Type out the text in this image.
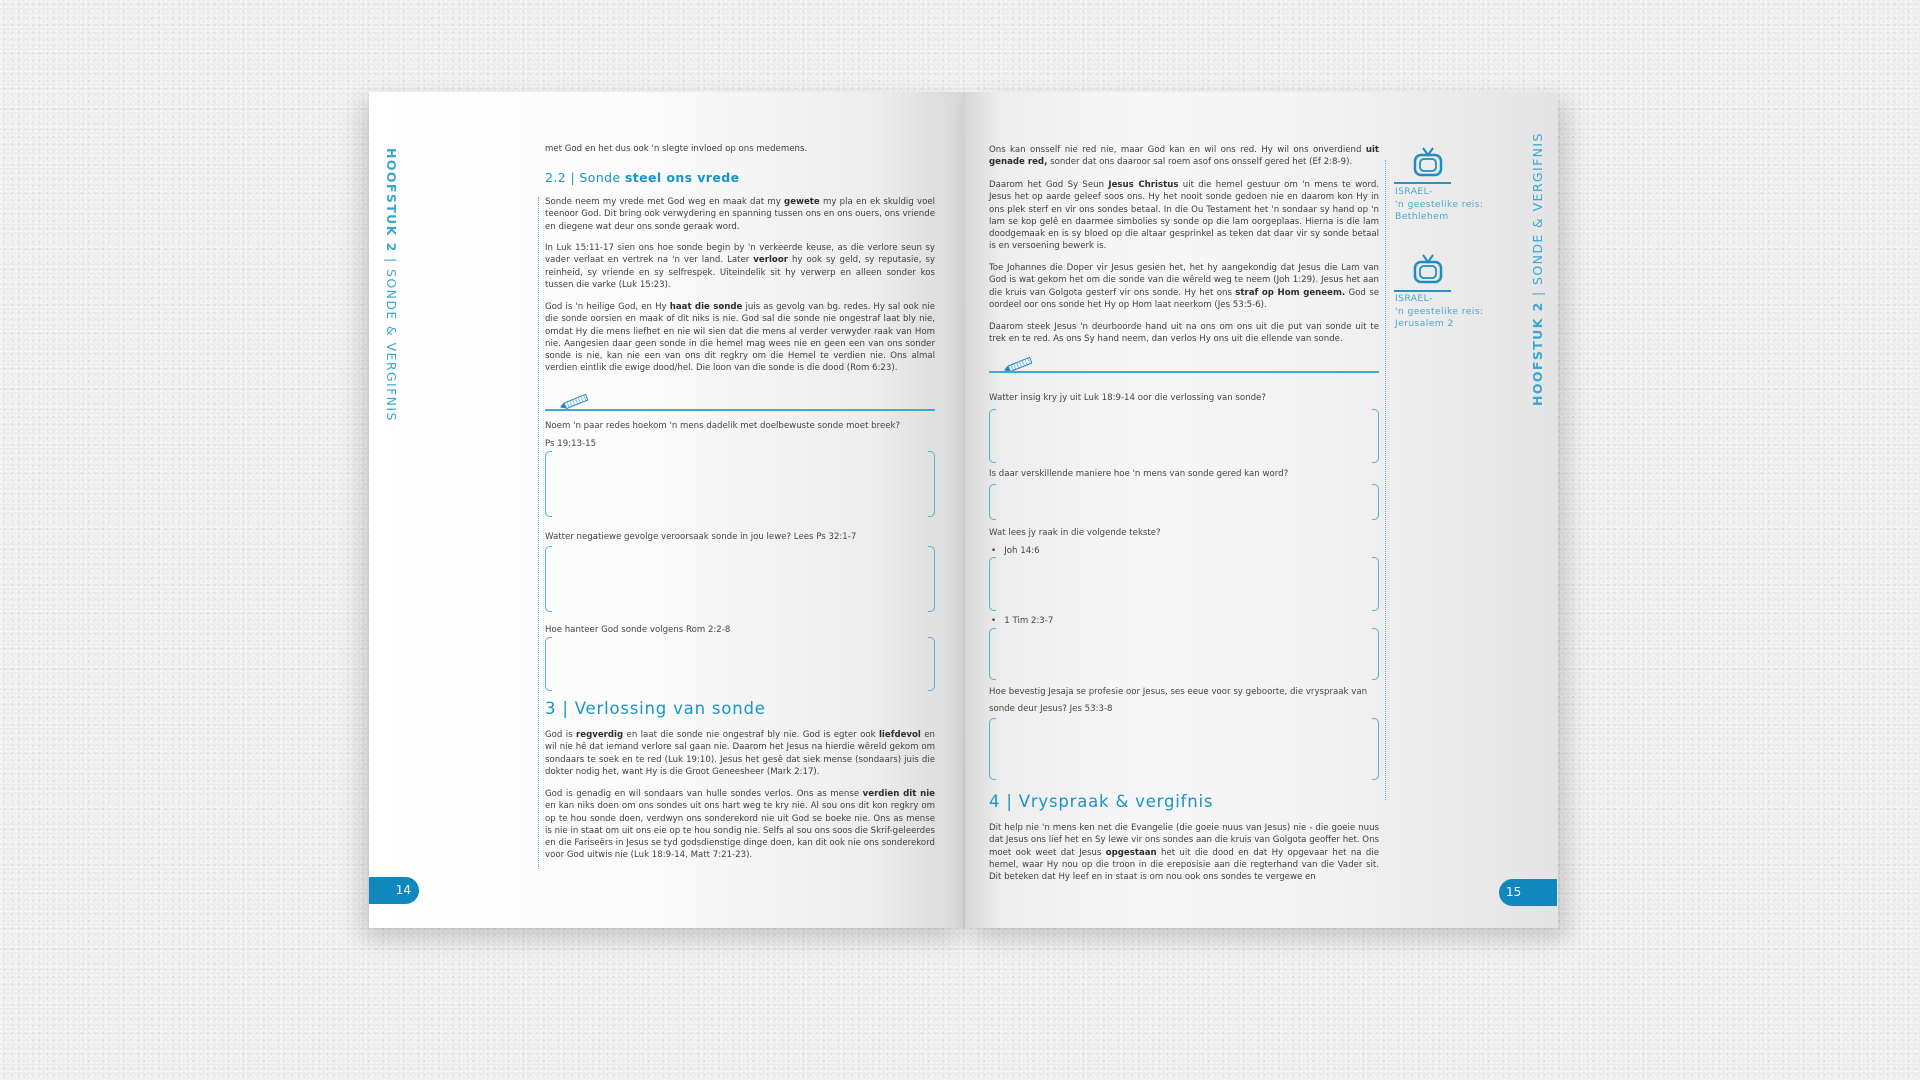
HOOFSTUK 2 | SONDE & VERGIFNIS
met God en het dus ook 'n slegte invloed op ons medemens.
2.2 | Sonde steel ons vrede
Sonde neem my vrede met God weg en maak dat my gewete my pla en ek skuldig voel teenoor God. Dit bring ook verwydering en spanning tussen ons en ons ouers, ons vriende en diegene wat deur ons sonde geraak word.
In Luk 15:11-17 sien ons hoe sonde begin by 'n verkeerde keuse, as die verlore seun sy vader verlaat en vertrek na 'n ver land. Later verloor hy ook sy geld, sy reputasie, sy reinheid, sy vriende en sy selfrespek. Uiteindelik sit hy verwerp en alleen sonder kos tussen die varke (Luk 15:23).
God is 'n heilige God, en Hy haat die sonde juis as gevolg van bg. redes. Hy sal ook nie die sonde oorsien en maak of dit niks is nie. God sal die sonde nie ongestraf laat bly nie, omdat Hy die mens liefhet en nie wil sien dat die mens al verder verwyder raak van Hom nie. Aangesien daar geen sonde in die hemel mag wees nie en geen een van ons sonder sonde is nie, kan nie een van ons dit regkry om die Hemel te verdien nie. Ons almal verdien eintlik die ewige dood/hel. Die loon van die sonde is die dood (Rom 6:23).
Noem 'n paar redes hoekom 'n mens dadelik met doelbewuste sonde moet breek?
Ps 19:13-15
Watter negatiewe gevolge veroorsaak sonde in jou lewe? Lees Ps 32:1-7
Hoe hanteer God sonde volgens Rom 2:2-8
3 | Verlossing van sonde
God is regverdig en laat die sonde nie ongestraf bly nie. God is egter ook liefdevol en wil nie hê dat iemand verlore sal gaan nie. Daarom het Jesus na hierdie wêreld gekom om sondaars te soek en te red (Luk 19:10). Jesus het gesê dat siek mense (sondaars) juis die dokter nodig het, want Hy is die Groot Geneesheer (Mark 2:17).
God is genadig en wil sondaars van hulle sondes verlos. Ons as mense verdien dit nie en kan niks doen om ons sondes uit ons hart weg te kry nie. Al sou ons dit kon regkry om op te hou sonde doen, verdwyn ons sonderekord nie uit God se boeke nie. Ons as mense is nie in staat om uit ons eie op te hou sondig nie. Selfs al sou ons soos die Skrif-geleerdes en die Fariseërs in Jesus se tyd godsdienstige dinge doen, kan dit ook nie ons sonderekord voor God uitwis nie (Luk 18:9-14, Matt 7:21-23).
14
HOOFSTUK 2 | SONDE & VERGIFNIS
Ons kan onsself nie red nie, maar God kan en wil ons red. Hy wil ons onverdiend uit genade red, sonder dat ons daaroor sal roem asof ons onsself gered het (Ef 2:8-9).
Daarom het God Sy Seun Jesus Christus uit die hemel gestuur om 'n mens te word. Jesus het op aarde geleef soos ons. Hy het nooit sonde gedoen nie en daarom kon Hy in ons plek sterf en vir ons sondes betaal. In die Ou Testament het 'n sondaar sy hand op 'n lam se kop gelê en daarmee simbolies sy sonde op die lam oorgeplaas. Hierna is die lam doodgemaak en is sy bloed op die altaar gesprinkel as teken dat daar vir sy sonde betaal is en versoening bewerk is.
Toe Johannes die Doper vir Jesus gesien het, het hy aangekondig dat Jesus die Lam van God is wat gekom het om die sonde van die wêreld weg te neem (Joh 1:29). Jesus het aan die kruis van Golgota gesterf vir ons sonde. Hy het ons straf op Hom geneem. God se oordeel oor ons sonde het Hy op Hom laat neerkom (Jes 53:5-6).
Daarom steek Jesus 'n deurboorde hand uit na ons om ons uit die put van sonde uit te trek en te red. As ons Sy hand neem, dan verlos Hy ons uit die ellende van sonde.
Watter insig kry jy uit Luk 18:9-14 oor die verlossing van sonde?
Is daar verskillende maniere hoe 'n mens van sonde gered kan word?
Wat lees jy raak in die volgende tekste?
•   Joh 14:6
•   1 Tim 2:3-7
Hoe bevestig Jesaja se profesie oor Jesus, ses eeue voor sy geboorte, die vryspraak van
sonde deur Jesus? Jes 53:3-8
4 | Vryspraak & vergifnis
Dit help nie 'n mens ken net die Evangelie (die goeie nuus van Jesus) nie - die goeie nuus dat Jesus ons lief het en Sy lewe vir ons sondes aan die kruis van Golgota geoffer het. Ons moet ook weet dat Jesus opgestaan het uit die dood en dat Hy opgevaar het na die hemel, waar Hy nou op die troon in die ereposisie aan die regterhand van die Vader sit. Dit beteken dat Hy leef en in staat is om nou ook ons sondes te vergewe en
ISRAEL-
'n geestelike reis:
Bethlehem
ISRAEL-
'n geestelike reis:
Jerusalem 2
15
